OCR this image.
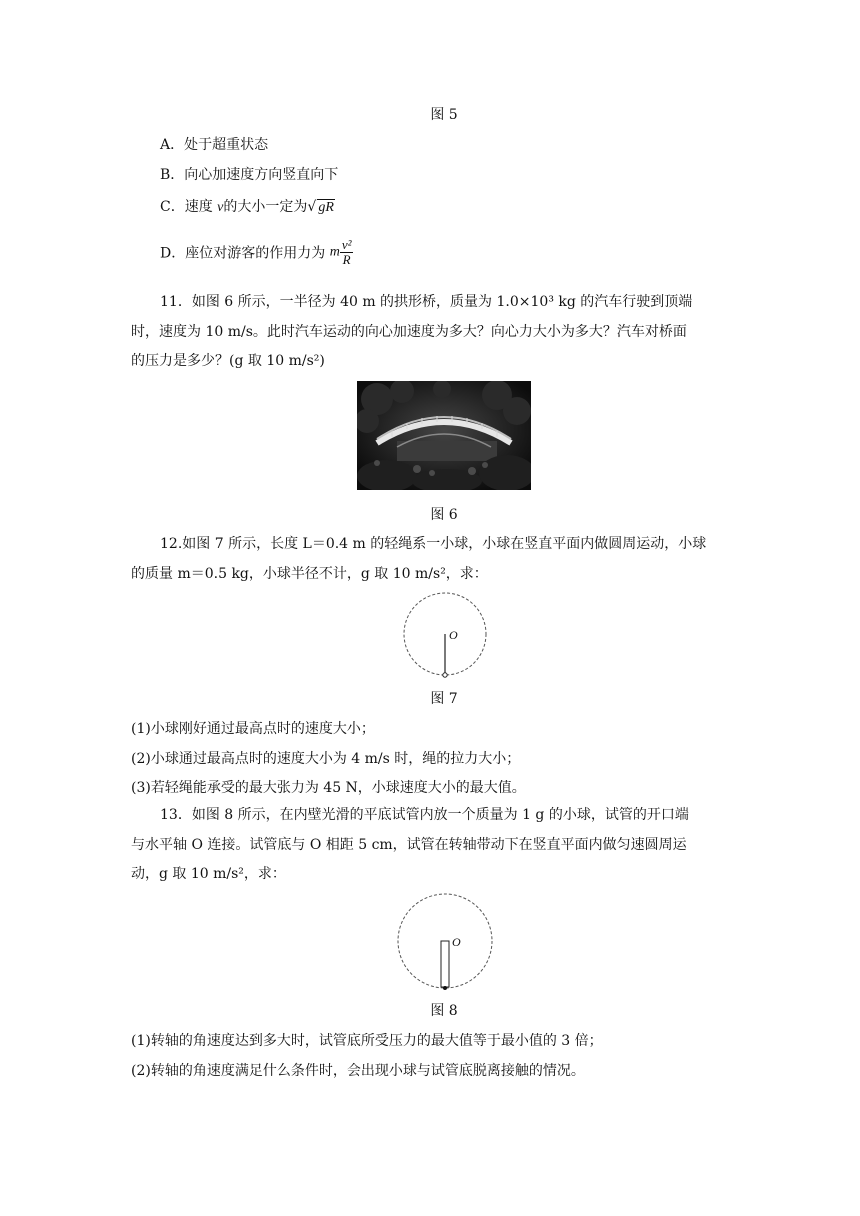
图 5
A．处于超重状态
B．向心加速度方向竖直向下
C．速度 v的大小一定为√ gR
D．座位对游客的作用力为 m $\frac{\text{v²}}{R}$
11．如图 6 所示，一半径为 40 m 的拱形桥，质量为 1.0×10³ kg 的汽车行驶到顶端
时，速度为 10 m/s。此时汽车运动的向心加速度为多大？向心力大小为多大？汽车对桥面
的压力是多少？(g 取 10 m/s²)
图 6
12.如图 7 所示，长度 L＝0.4 m 的轻绳系一小球，小球在竖直平面内做圆周运动，小球
的质量 m＝0.5 kg，小球半径不计，g 取 10 m/s²，求：
O
图 7
(1)小球刚好通过最高点时的速度大小；
(2)小球通过最高点时的速度大小为 4 m/s 时，绳的拉力大小；
(3)若轻绳能承受的最大张力为 45 N，小球速度大小的最大值。
13．如图 8 所示，在内壁光滑的平底试管内放一个质量为 1 g 的小球，试管的开口端
与水平轴 O 连接。试管底与 O 相距 5 cm，试管在转轴带动下在竖直平面内做匀速圆周运
动，g 取 10 m/s²，求：
O
图 8
(1)转轴的角速度达到多大时，试管底所受压力的最大值等于最小值的 3 倍；
(2)转轴的角速度满足什么条件时，会出现小球与试管底脱离接触的情况。
